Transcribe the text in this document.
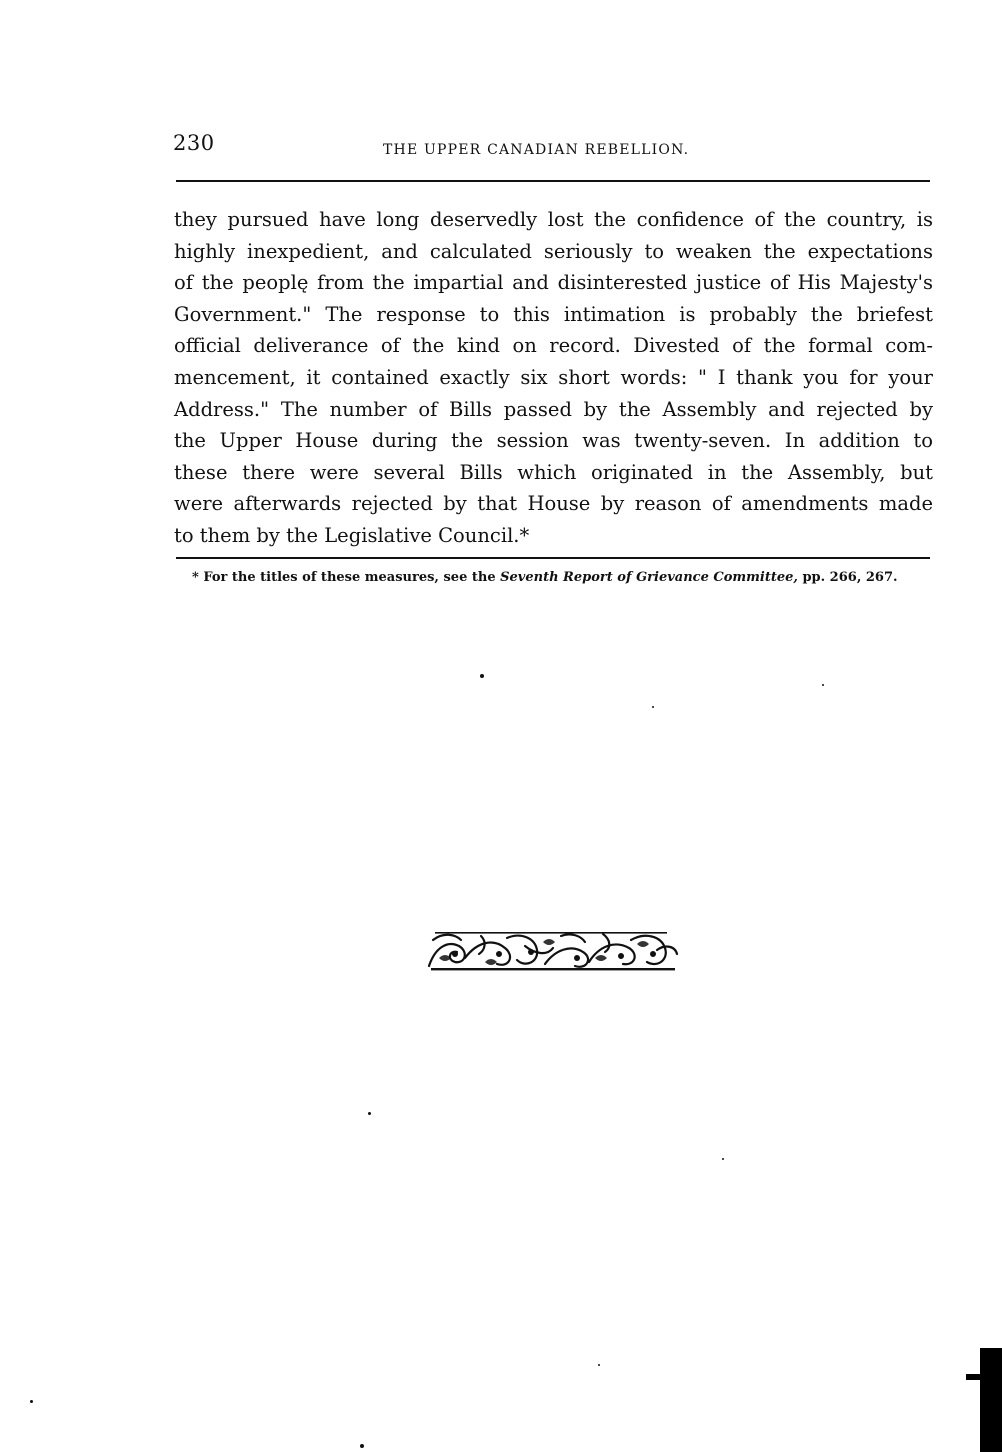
230	THE UPPER CANADIAN REBELLION.
they pursued have long deservedly lost the confidence of the country, is
highly inexpedient, and calculated seriously to weaken the expectations
of the peoplę from the impartial and disinterested justice of His Majesty's
Government." The response to this intimation is probably the briefest
official deliverance of the kind on record. Divested of the formal com-
mencement, it contained exactly six short words: " I thank you for your
Address." The number of Bills passed by the Assembly and rejected by
the Upper House during the session was twenty-seven. In addition to
these there were several Bills which originated in the Assembly, but
were afterwards rejected by that House by reason of amendments made
to them by the Legislative Council.*
* For the titles of these measures, see the Seventh Report of Grievance Committee, pp. 266, 267.
